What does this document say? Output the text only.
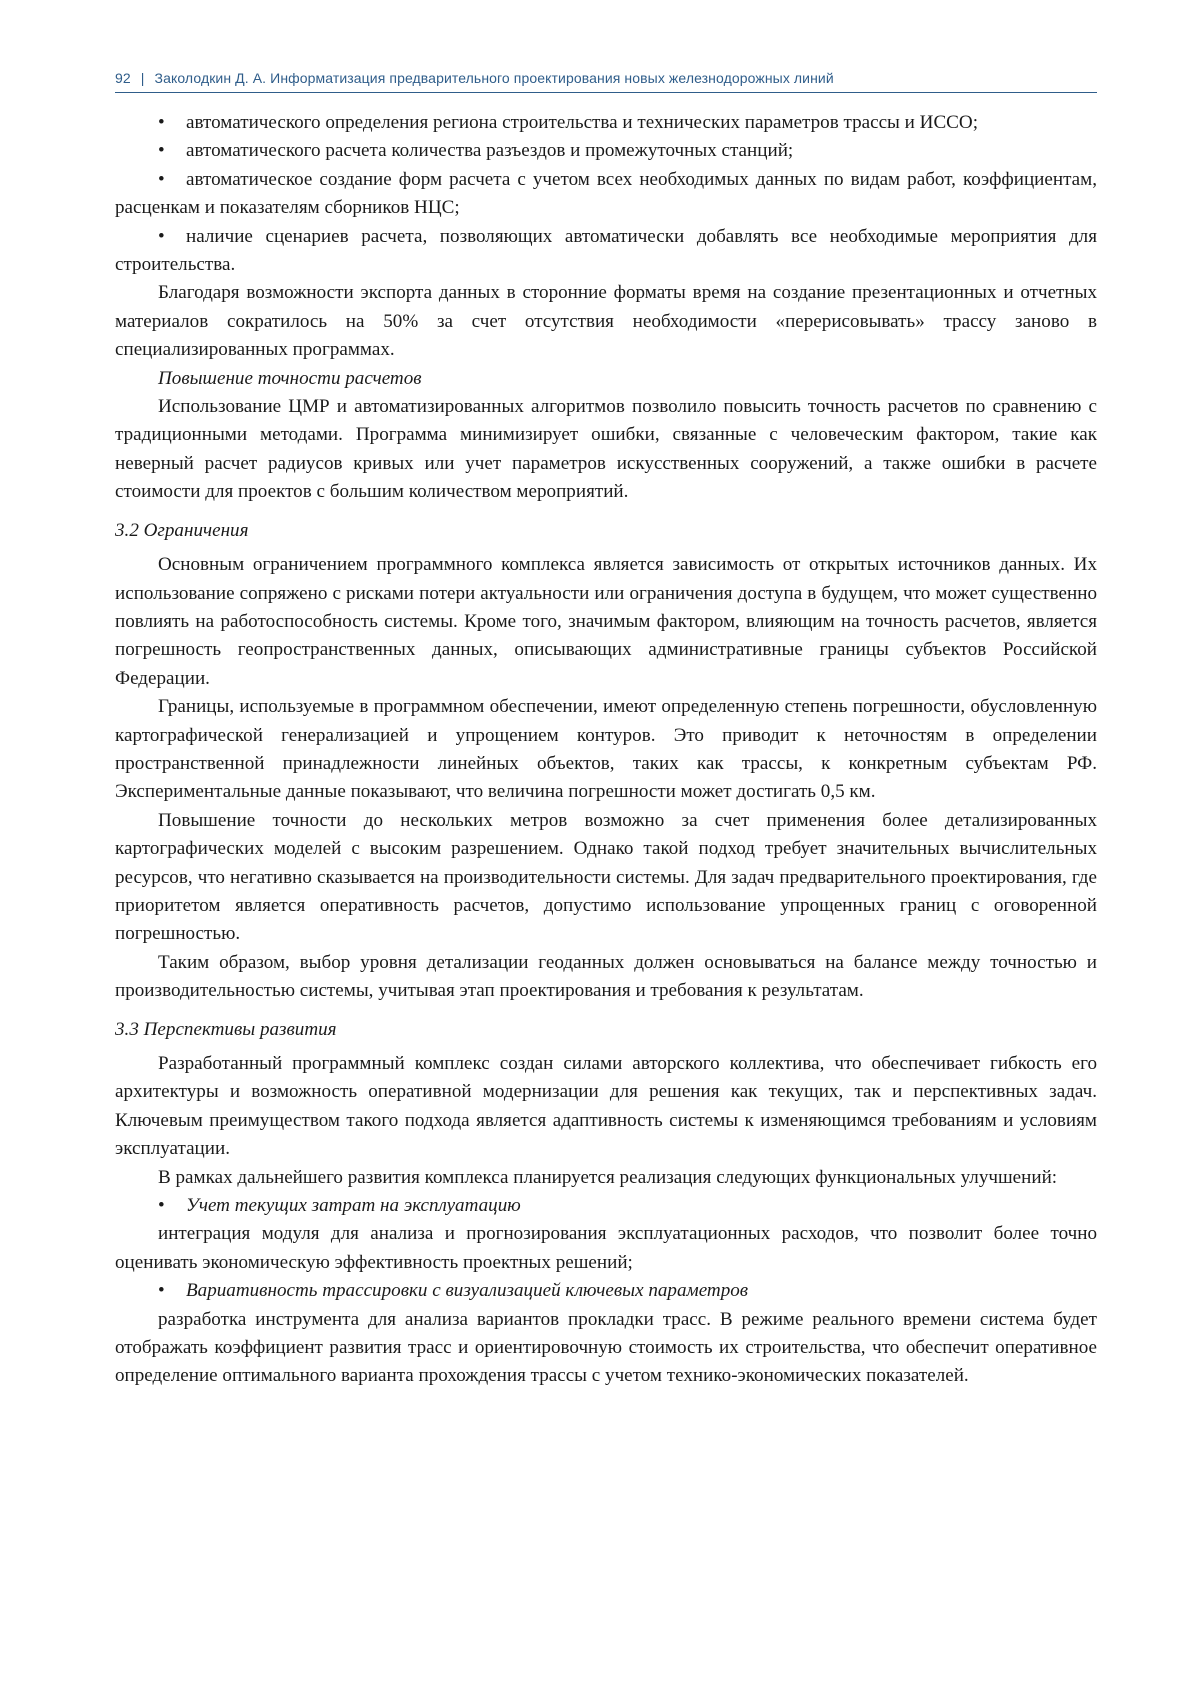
92 | Заколодкин Д. А. Информатизация предварительного проектирования новых железнодорожных линий

• автоматического определения региона строительства и технических параметров трассы и ИССО;

• автоматического расчета количества разъездов и промежуточных станций;

• автоматическое создание форм расчета с учетом всех необходимых данных по видам работ, коэффициентам, расценкам и показателям сборников НЦС;

• наличие сценариев расчета, позволяющих автоматически добавлять все необходимые мероприятия для строительства.

Благодаря возможности экспорта данных в сторонние форматы время на создание презентационных и отчетных материалов сократилось на 50% за счет отсутствия необходимости «перерисовывать» трассу заново в специализированных программах.

Повышение точности расчетов

Использование ЦМР и автоматизированных алгоритмов позволило повысить точность расчетов по сравнению с традиционными методами. Программа минимизирует ошибки, связанные с человеческим фактором, такие как неверный расчет радиусов кривых или учет параметров искусственных сооружений, а также ошибки в расчете стоимости для проектов с большим количеством мероприятий.

3.2 Ограничения

Основным ограничением программного комплекса является зависимость от открытых источников данных. Их использование сопряжено с рисками потери актуальности или ограничения доступа в будущем, что может существенно повлиять на работоспособность системы. Кроме того, значимым фактором, влияющим на точность расчетов, является погрешность геопространственных данных, описывающих административные границы субъектов Российской Федерации.

Границы, используемые в программном обеспечении, имеют определенную степень погрешности, обусловленную картографической генерализацией и упрощением контуров. Это приводит к неточностям в определении пространственной принадлежности линейных объектов, таких как трассы, к конкретным субъектам РФ. Экспериментальные данные показывают, что величина погрешности может достигать 0,5 км.

Повышение точности до нескольких метров возможно за счет применения более детализированных картографических моделей с высоким разрешением. Однако такой подход требует значительных вычислительных ресурсов, что негативно сказывается на производительности системы. Для задач предварительного проектирования, где приоритетом является оперативность расчетов, допустимо использование упрощенных границ с оговоренной погрешностью.

Таким образом, выбор уровня детализации геоданных должен основываться на балансе между точностью и производительностью системы, учитывая этап проектирования и требования к результатам.

3.3 Перспективы развития

Разработанный программный комплекс создан силами авторского коллектива, что обеспечивает гибкость его архитектуры и возможность оперативной модернизации для решения как текущих, так и перспективных задач. Ключевым преимуществом такого подхода является адаптивность системы к изменяющимся требованиям и условиям эксплуатации.

В рамках дальнейшего развития комплекса планируется реализация следующих функциональных улучшений:

• Учет текущих затрат на эксплуатацию

интеграция модуля для анализа и прогнозирования эксплуатационных расходов, что позволит более точно оценивать экономическую эффективность проектных решений;

• Вариативность трассировки с визуализацией ключевых параметров

разработка инструмента для анализа вариантов прокладки трасс. В режиме реального времени система будет отображать коэффициент развития трасс и ориентировочную стоимость их строительства, что обеспечит оперативное определение оптимального варианта прохождения трассы с учетом технико-экономических показателей.
